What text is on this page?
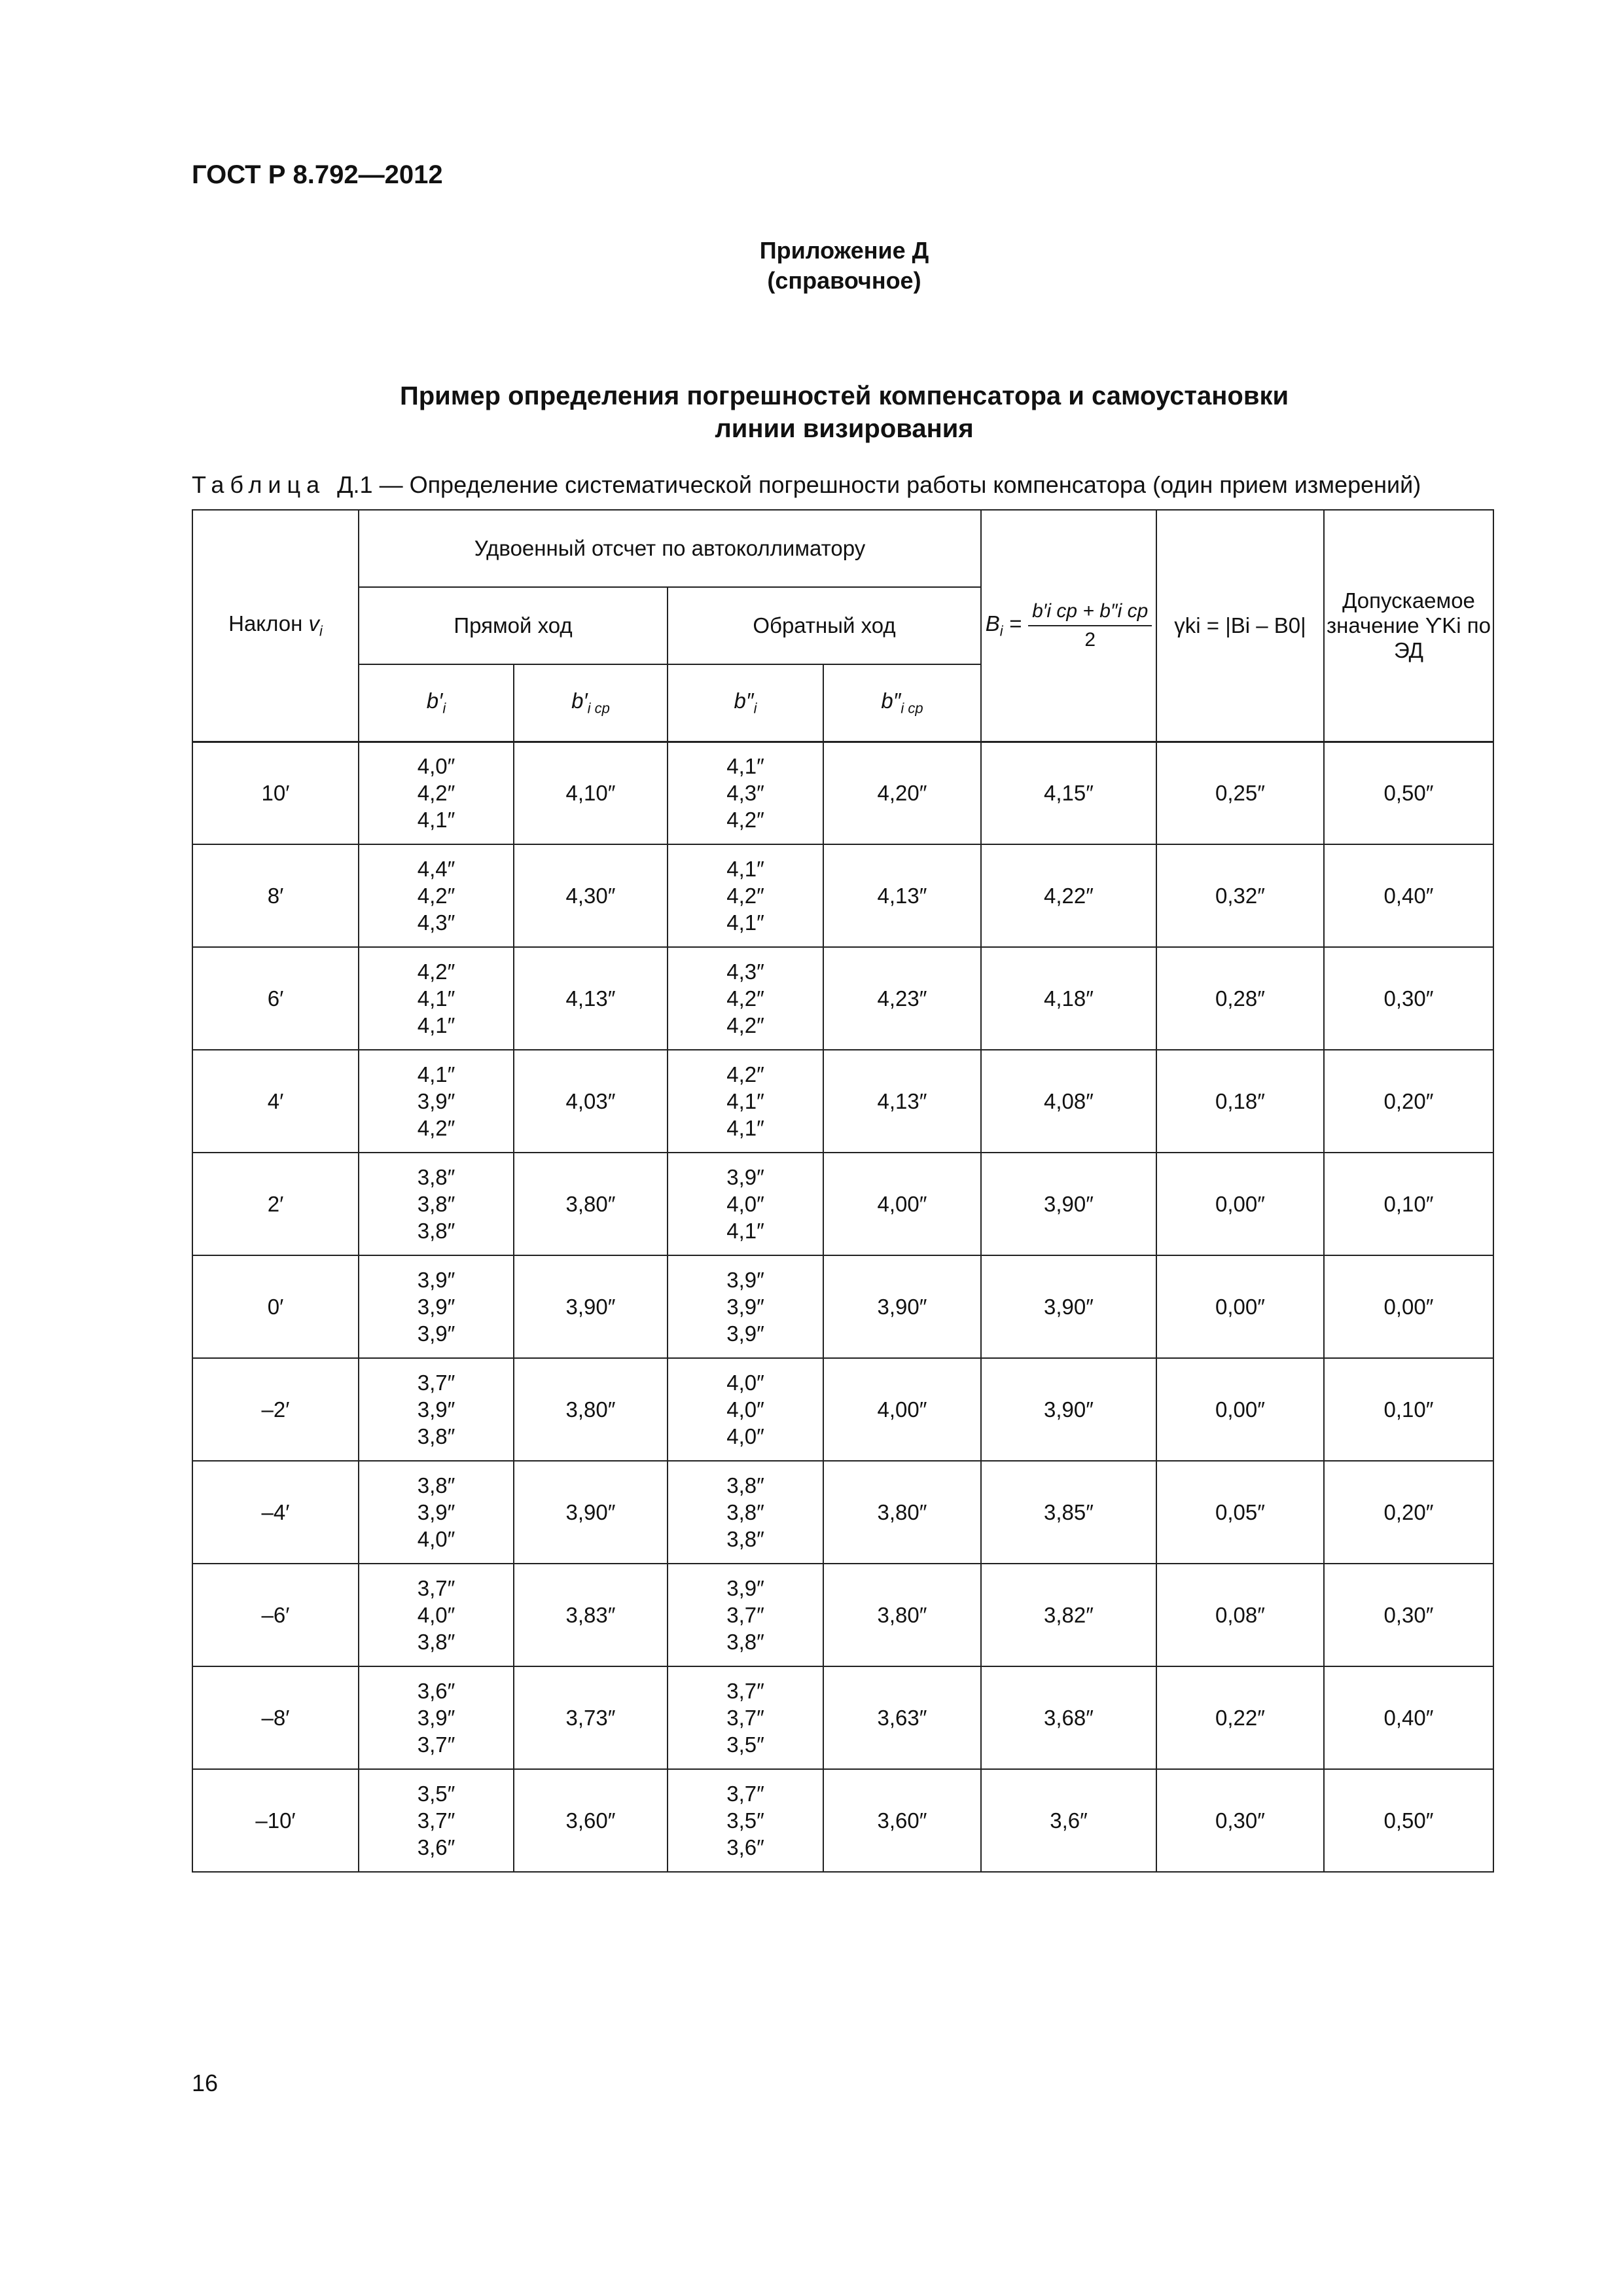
ГОСТ Р 8.792—2012
Приложение Д
(справочное)
Пример определения погрешностей компенсатора и самоустановки
линии визирования
Таблица Д.1 — Определение систематической погрешности работы компенсатора (один прием измерений)
Наклон $v_i$	Удвоенный отсчет по автоколлиматору				$B_i = \frac{\text{b′i ср + b″i ср}}{2}$	γki = |Bi – B0|	Допускаемое значение ϒKi по ЭД
	Прямой ход		Обратный ход				
	$b'_i$	$b'_{i ср}$	$b''_i$	$b''_{i ср}$
10′	4,0″
4,2″
4,1″	4,10″	4,1″
4,3″
4,2″	4,20″	4,15″	0,25″	0,50″
8′	4,4″
4,2″
4,3″	4,30″	4,1″
4,2″
4,1″	4,13″	4,22″	0,32″	0,40″
6′	4,2″
4,1″
4,1″	4,13″	4,3″
4,2″
4,2″	4,23″	4,18″	0,28″	0,30″
4′	4,1″
3,9″
4,2″	4,03″	4,2″
4,1″
4,1″	4,13″	4,08″	0,18″	0,20″
2′	3,8″
3,8″
3,8″	3,80″	3,9″
4,0″
4,1″	4,00″	3,90″	0,00″	0,10″
0′	3,9″
3,9″
3,9″	3,90″	3,9″
3,9″
3,9″	3,90″	3,90″	0,00″	0,00″
–2′	3,7″
3,9″
3,8″	3,80″	4,0″
4,0″
4,0″	4,00″	3,90″	0,00″	0,10″
–4′	3,8″
3,9″
4,0″	3,90″	3,8″
3,8″
3,8″	3,80″	3,85″	0,05″	0,20″
–6′	3,7″
4,0″
3,8″	3,83″	3,9″
3,7″
3,8″	3,80″	3,82″	0,08″	0,30″
–8′	3,6″
3,9″
3,7″	3,73″	3,7″
3,7″
3,5″	3,63″	3,68″	0,22″	0,40″
–10′	3,5″
3,7″
3,6″	3,60″	3,7″
3,5″
3,6″	3,60″	3,6″	0,30″	0,50″
16
